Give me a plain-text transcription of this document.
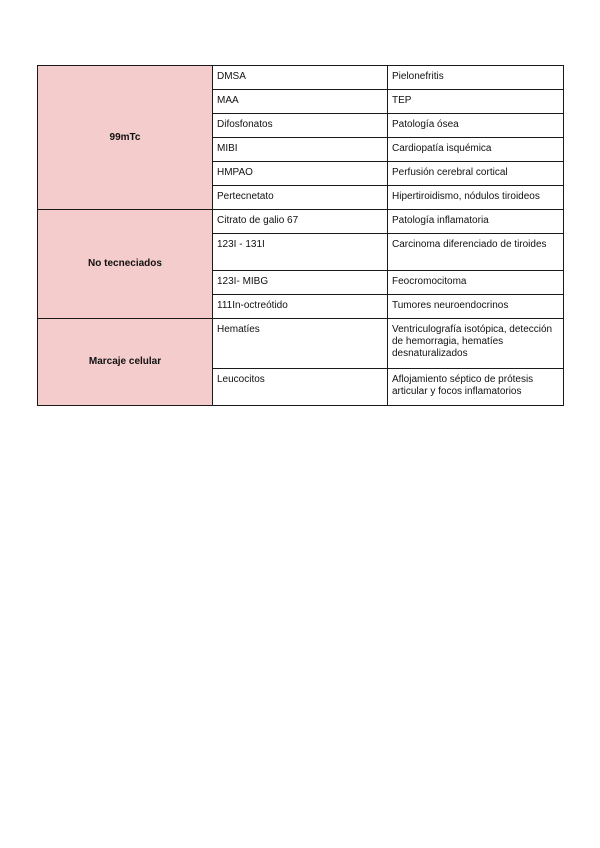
99mTc	DMSA	Pielonefritis
	MAA	TEP
	Difosfonatos	Patología ósea
	MIBI	Cardiopatía isquémica
	HMPAO	Perfusión cerebral cortical
	Pertecnetato	Hipertiroidismo, nódulos tiroideos
No tecneciados	Citrato de galio 67	Patología inflamatoria
	123I - 131I	Carcinoma diferenciado de tiroides
	123I- MIBG	Feocromocitoma
	111In-octreótido	Tumores neuroendocrinos
Marcaje celular	Hematíes	Ventriculografía isotópica, detección de hemorragia, hematíes desnaturalizados
	Leucocitos	Aflojamiento séptico de prótesis articular y focos inflamatorios
